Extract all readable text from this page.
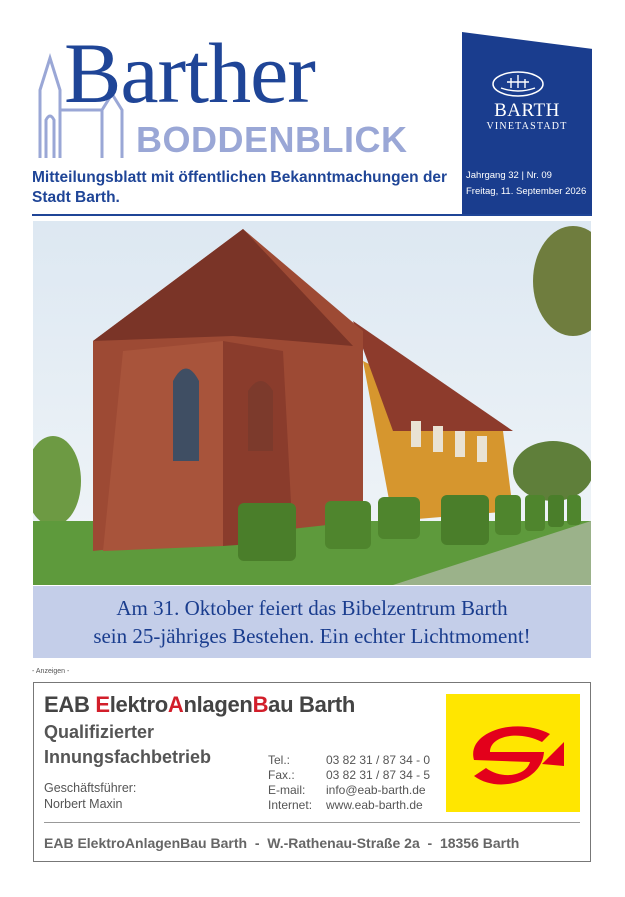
Barther
BODDENBLICK
Mitteilungsblatt mit öffentlichen Bekanntmachungen der Stadt Barth.
BARTH
VINETASTADT
Jahrgang 32 | Nr. 09
Freitag, 11. September 2026
Am 31. Oktober feiert das Bibelzentrum Barth
sein 25-jähriges Bestehen. Ein echter Lichtmoment!
- Anzeigen -
EAB ElektroAnlagenBau Barth
Qualifizierter
Innungsfachbetrieb
Geschäftsführer:
Norbert Maxin
Tel.:	03 82 31 / 87 34 - 0
Fax.:	03 82 31 / 87 34 - 5
E-mail: info@eab-barth.de
Internet: www.eab-barth.de
EAB ElektroAnlagenBau Barth  -  W.-Rathenau-Straße 2a  -  18356 Barth
